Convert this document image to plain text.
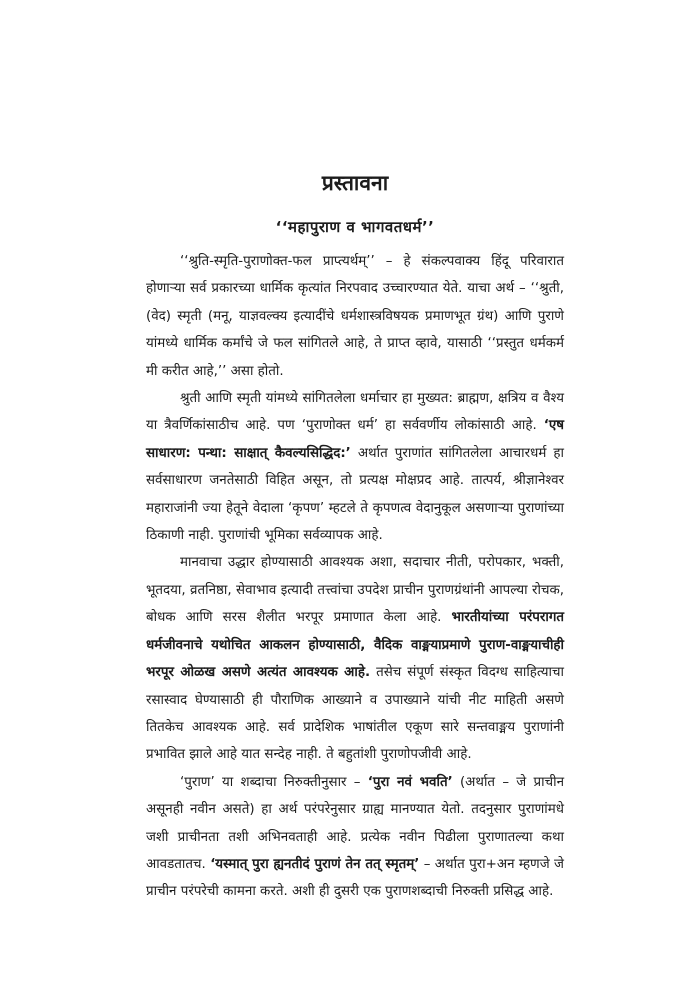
प्रस्तावना
‘‘महापुराण व भागवतधर्म’’

‘‘श्रुति-स्मृति-पुराणोक्त-फल प्राप्त्यर्थम्’’ – हे संकल्पवाक्य हिंदू परिवारात होणाऱ्या सर्व प्रकारच्या धार्मिक कृत्यांत निरपवाद उच्चारण्यात येते. याचा अर्थ – ‘‘श्रुती, (वेद) स्मृती (मनू, याज्ञवल्क्य इत्यादींचे धर्मशास्त्रविषयक प्रमाणभूत ग्रंथ) आणि पुराणे यांमध्ये धार्मिक कर्मांचे जे फल सांगितले आहे, ते प्राप्त व्हावे, यासाठी ‘‘प्रस्तुत धर्मकर्म मी करीत आहे,’’ असा होतो.

श्रुती आणि स्मृती यांमध्ये सांगितलेला धर्माचार हा मुख्यत: ब्राह्मण, क्षत्रिय व वैश्य या त्रैवर्णिकांसाठीच आहे. पण ‘पुराणोक्त धर्म’ हा सर्ववर्णीय लोकांसाठी आहे. ‘एष साधारण: पन्था: साक्षात् कैवल्यसिद्धिद:’ अर्थात पुराणांत सांगितलेला आचारधर्म हा सर्वसाधारण जनतेसाठी विहित असून, तो प्रत्यक्ष मोक्षप्रद आहे. तात्पर्य, श्रीज्ञानेश्वर महाराजांनी ज्या हेतूने वेदाला ‘कृपण’ म्हटले ते कृपणत्व वेदानुकूल असणाऱ्या पुराणांच्या ठिकाणी नाही. पुराणांची भूमिका सर्वव्यापक आहे.

मानवाचा उद्धार होण्यासाठी आवश्यक अशा, सदाचार नीती, परोपकार, भक्ती, भूतदया, व्रतनिष्ठा, सेवाभाव इत्यादी तत्त्वांचा उपदेश प्राचीन पुराणग्रंथांनी आपल्या रोचक, बोधक आणि सरस शैलीत भरपूर प्रमाणात केला आहे. भारतीयांच्या परंपरागत धर्मजीवनाचे यथोचित आकलन होण्यासाठी, वैदिक वाङ्मयाप्रमाणे पुराण-वाङ्मयाचीही भरपूर ओळख असणे अत्यंत आवश्यक आहे. तसेच संपूर्ण संस्कृत विदग्ध साहित्याचा रसास्वाद घेण्यासाठी ही पौराणिक आख्याने व उपाख्याने यांची नीट माहिती असणे तितकेच आवश्यक आहे. सर्व प्रादेशिक भाषांतील एकूण सारे सन्तवाङ्मय पुराणांनी प्रभावित झाले आहे यात सन्देह नाही. ते बहुतांशी पुराणोपजीवी आहे.

‘पुराण’ या शब्दाचा निरुक्तीनुसार – ‘पुरा नवं भवति’ (अर्थात – जे प्राचीन असूनही नवीन असते) हा अर्थ परंपरेनुसार ग्राह्य मानण्यात येतो. तदनुसार पुराणांमधे जशी प्राचीनता तशी अभिनवताही आहे. प्रत्येक नवीन पिढीला पुराणातल्या कथा आवडतातच. ‘यस्मात् पुरा ह्यनतीदं पुराणं तेन तत् स्मृतम्’ – अर्थात पुरा+अन म्हणजे जे प्राचीन परंपरेची कामना करते. अशी ही दुसरी एक पुराणशब्दाची निरुक्ती प्रसिद्ध आहे.
